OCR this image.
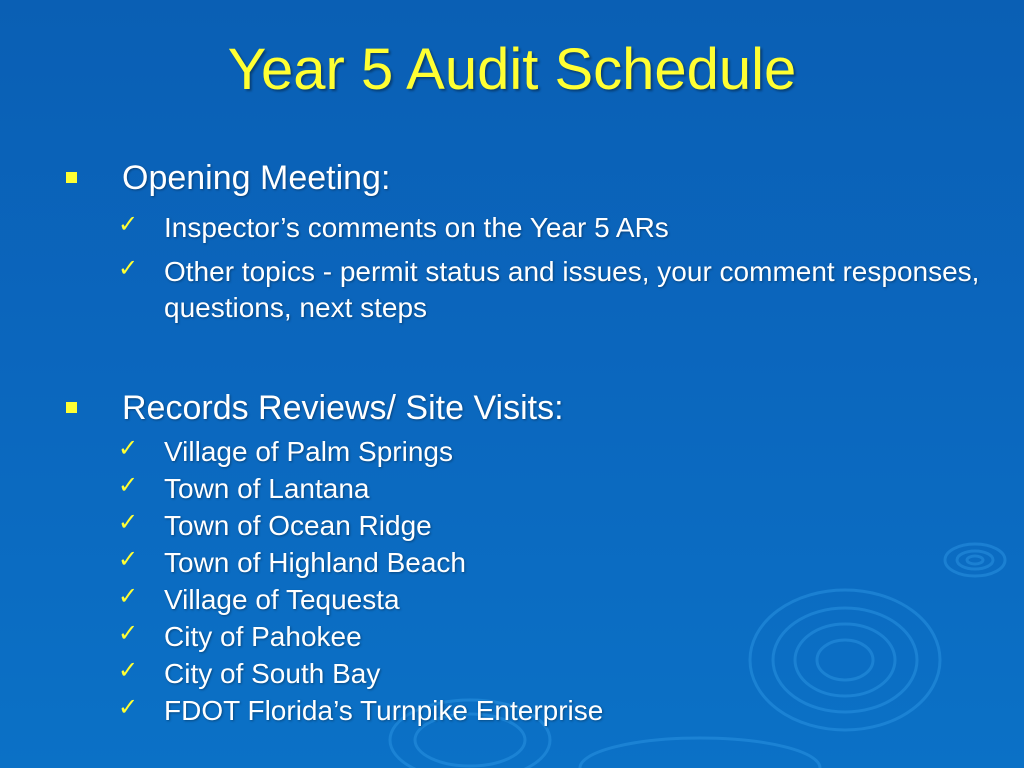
Year 5 Audit Schedule
Opening Meeting:
✓ Inspector’s comments on the Year 5 ARs
✓ Other topics - permit status and issues, your comment responses, questions, next steps
Records Reviews/ Site Visits:
✓ Village of Palm Springs
✓ Town of Lantana
✓ Town of Ocean Ridge
✓ Town of Highland Beach
✓ Village of Tequesta
✓ City of Pahokee
✓ City of South Bay
✓ FDOT Florida’s Turnpike Enterprise
